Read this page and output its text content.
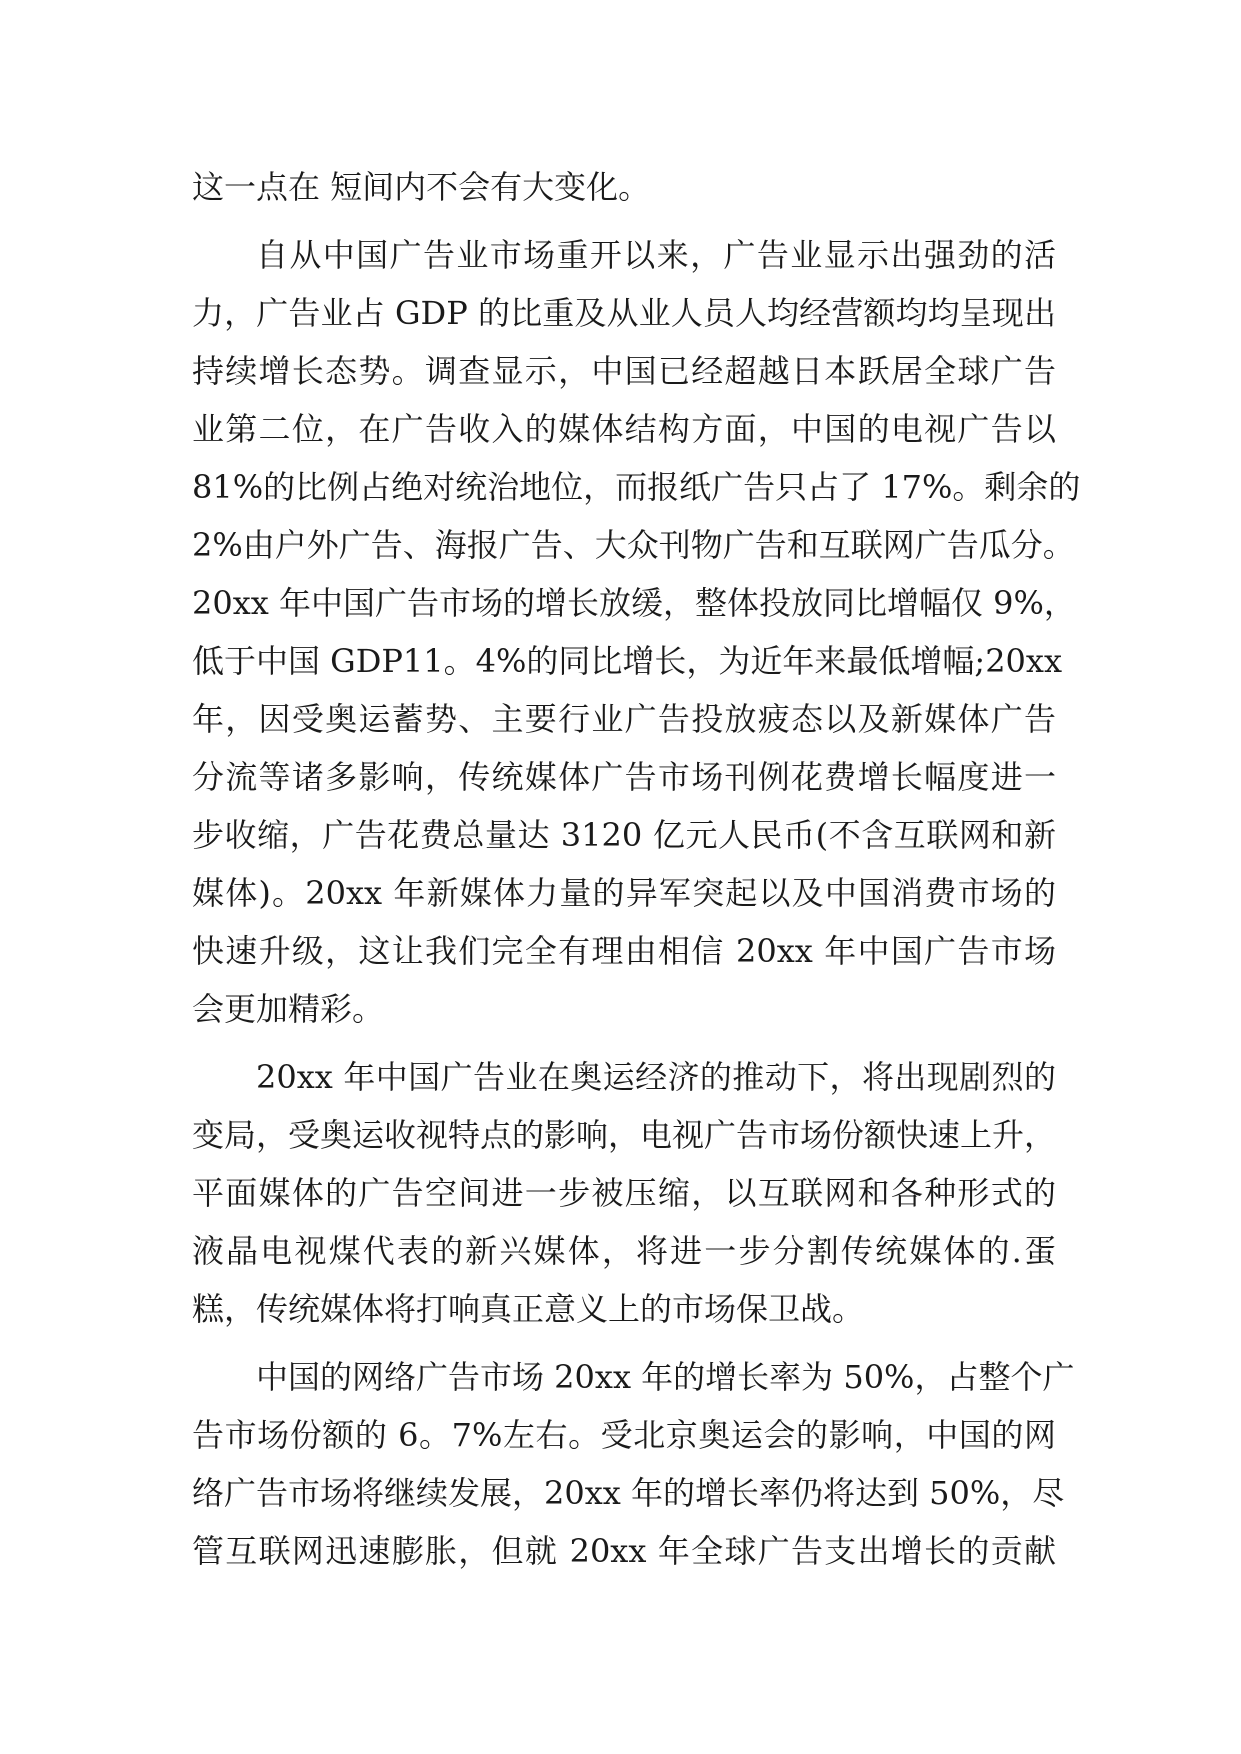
这一点在 短间内不会有大变化。
自从中国广告业市场重开以来，广告业显示出强劲的活
力，广告业占 GDP 的比重及从业人员人均经营额均均呈现出
持续增长态势。调查显示，中国已经超越日本跃居全球广告
业第二位，在广告收入的媒体结构方面，中国的电视广告以
81%的比例占绝对统治地位，而报纸广告只占了 17%。剩余的
2%由户外广告、海报广告、大众刊物广告和互联网广告瓜分。
20xx 年中国广告市场的增长放缓，整体投放同比增幅仅 9%，
低于中国 GDP11。4%的同比增长，为近年来最低增幅;20xx
年，因受奥运蓄势、主要行业广告投放疲态以及新媒体广告
分流等诸多影响，传统媒体广告市场刊例花费增长幅度进一
步收缩，广告花费总量达 3120 亿元人民币(不含互联网和新
媒体)。20xx 年新媒体力量的异军突起以及中国消费市场的
快速升级，这让我们完全有理由相信 20xx 年中国广告市场
会更加精彩。
20xx 年中国广告业在奥运经济的推动下，将出现剧烈的
变局，受奥运收视特点的影响，电视广告市场份额快速上升，
平面媒体的广告空间进一步被压缩，以互联网和各种形式的
液晶电视煤代表的新兴媒体，将进一步分割传统媒体的.蛋
糕，传统媒体将打响真正意义上的市场保卫战。
中国的网络广告市场 20xx 年的增长率为 50%，占整个广
告市场份额的 6。7%左右。受北京奥运会的影响，中国的网
络广告市场将继续发展，20xx 年的增长率仍将达到 50%，尽
管互联网迅速膨胀，但就 20xx 年全球广告支出增长的贡献
